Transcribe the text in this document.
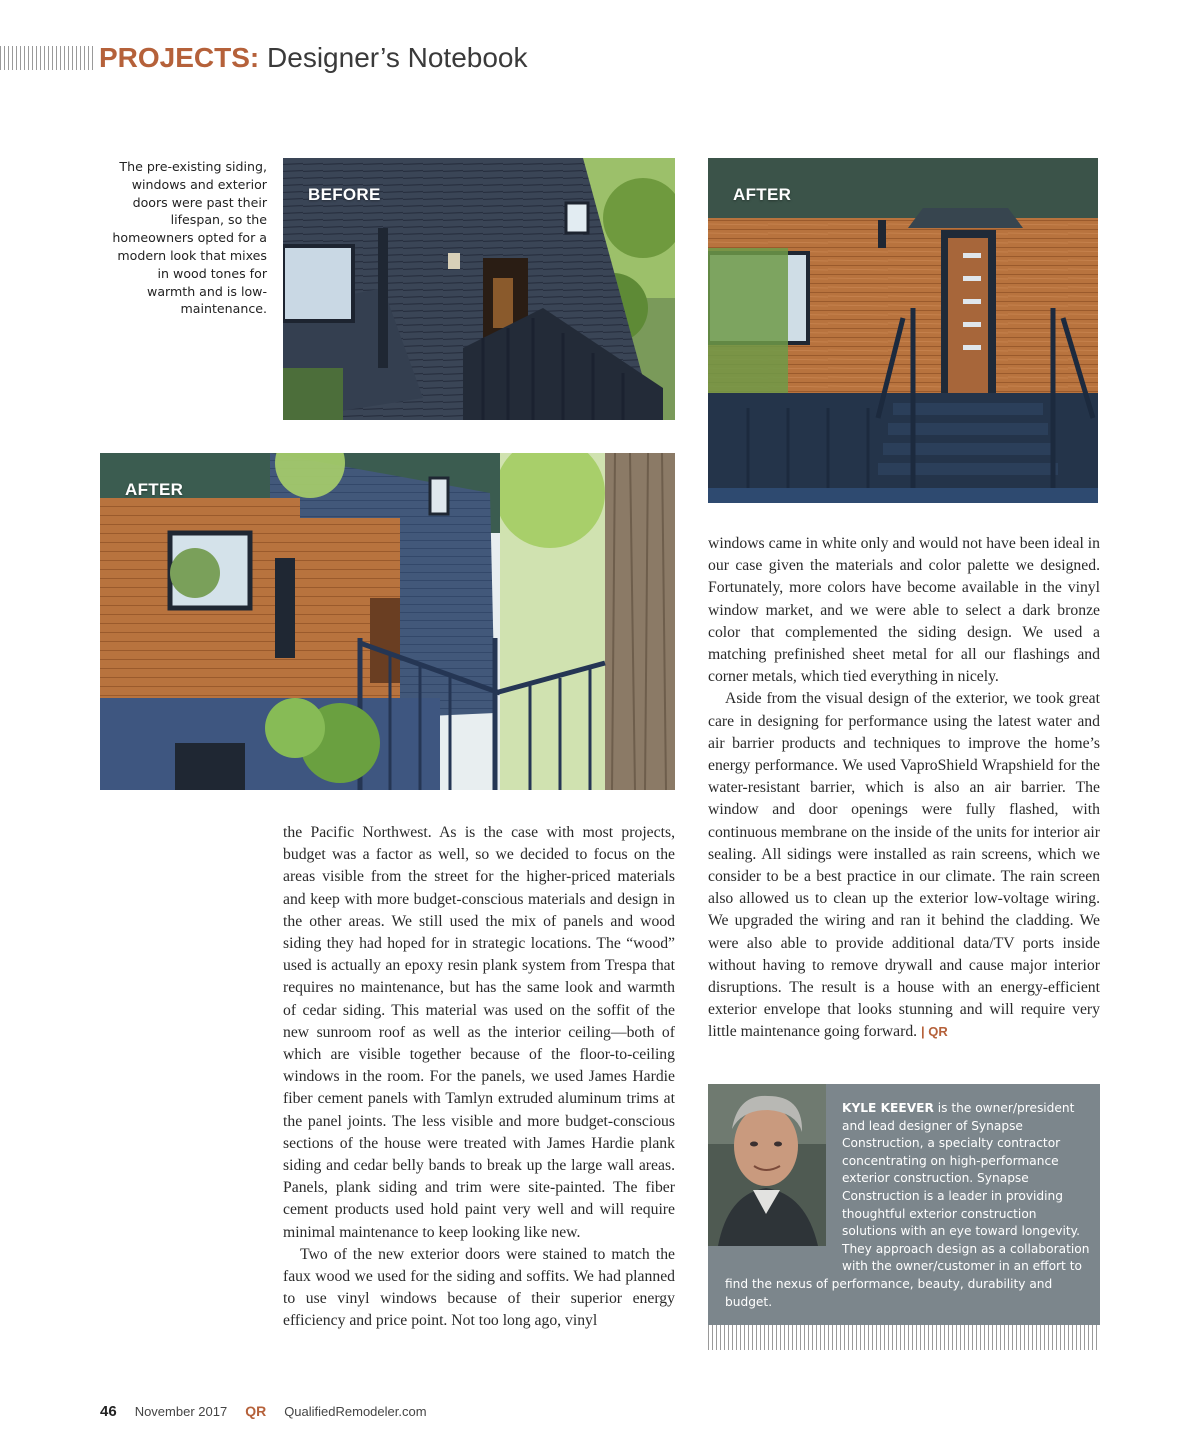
PROJECTS: Designer’s Notebook
The pre-existing siding, windows and exterior doors were past their lifespan, so the homeowners opted for a modern look that mixes in wood tones for warmth and is low-maintenance.
BEFORE	AFTER
AFTER

the Pacific Northwest. As is the case with most projects, budget was a factor as well, so we decided to focus on the areas visible from the street for the higher-priced materials and keep with more budget-conscious materials and design in the other areas. We still used the mix of panels and wood siding they had hoped for in strategic locations. The “wood” used is actually an epoxy resin plank system from Trespa that requires no maintenance, but has the same look and warmth of cedar siding. This material was used on the soffit of the new sunroom roof as well as the interior ceiling—both of which are visible together because of the floor-to-ceiling windows in the room. For the panels, we used James Hardie fiber cement panels with Tamlyn extruded aluminum trims at the panel joints. The less visible and more budget-conscious sections of the house were treated with James Hardie plank siding and cedar belly bands to break up the large wall areas. Panels, plank siding and trim were site-painted. The fiber cement products used hold paint very well and will require minimal maintenance to keep looking like new.

Two of the new exterior doors were stained to match the faux wood we used for the siding and soffits. We had planned to use vinyl windows because of their superior energy efficiency and price point. Not too long ago, vinyl

windows came in white only and would not have been ideal in our case given the materials and color palette we designed. Fortunately, more colors have become available in the vinyl window market, and we were able to select a dark bronze color that complemented the siding design. We used a matching prefinished sheet metal for all our flashings and corner metals, which tied everything in nicely.

Aside from the visual design of the exterior, we took great care in designing for performance using the latest water and air barrier products and techniques to improve the home’s energy performance. We used VaproShield Wrapshield for the water-resistant barrier, which is also an air barrier. The window and door openings were fully flashed, with continuous membrane on the inside of the units for interior air sealing. All sidings were installed as rain screens, which we consider to be a best practice in our climate. The rain screen also allowed us to clean up the exterior low-voltage wiring. We upgraded the wiring and ran it behind the cladding. We were also able to provide additional data/TV ports inside without having to remove drywall and cause major interior disruptions. The result is a house with an energy-efficient exterior envelope that looks stunning and will require very little maintenance going forward. | QR

KYLE KEEVER is the owner/president and lead designer of Synapse Construction, a specialty contractor concentrating on high-performance exterior construction. Synapse Construction is a leader in providing thoughtful exterior construction solutions with an eye toward longevity. They approach design as a collaboration with the owner/customer in an effort to find the nexus of performance, beauty, durability and budget.
46 November 2017 QR QualifiedRemodeler.com
